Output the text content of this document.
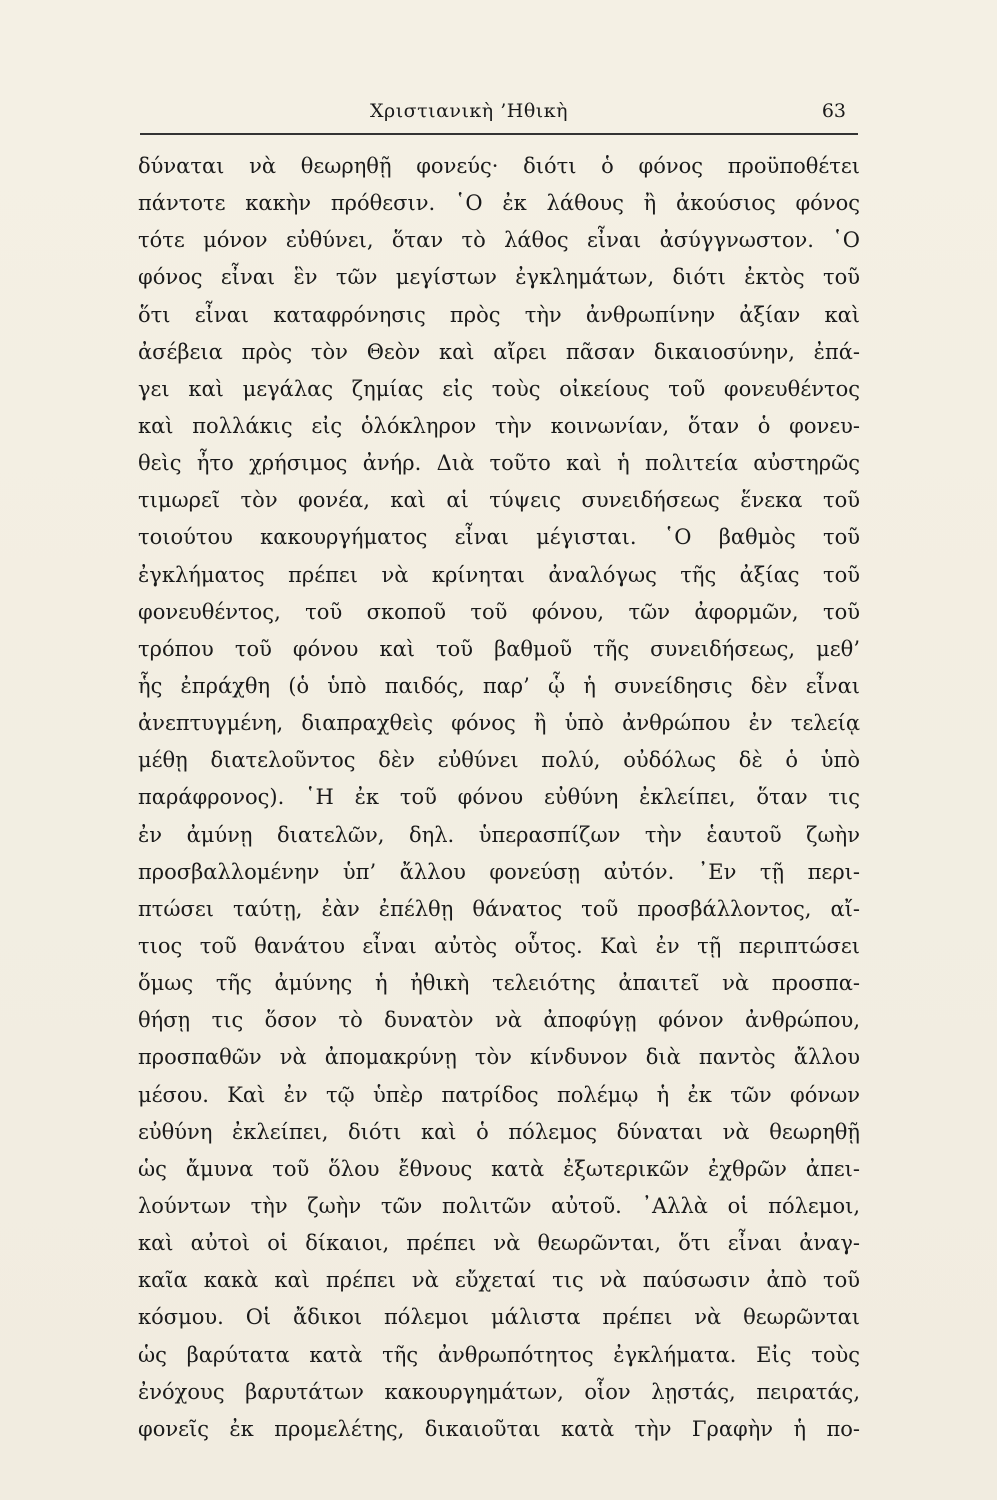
Χριστιανικὴ ’Ηθικὴ	63
δύναται νὰ θεωρηθῇ φονεύς· διότι ὁ φόνος προϋποθέτει
πάντοτε κακὴν πρόθεσιν. ῾Ο ἐκ λάθους ἢ ἀκούσιος φόνος
τότε μόνον εὐθύνει, ὅταν τὸ λάθος εἶναι ἀσύγγνωστον. ῾Ο
φόνος εἶναι ἓν τῶν μεγίστων ἐγκλημάτων, διότι ἐκτὸς τοῦ
ὅτι εἶναι καταφρόνησις πρὸς τὴν ἀνθρωπίνην ἀξίαν καὶ
ἀσέβεια πρὸς τὸν Θεὸν καὶ αἴρει πᾶσαν δικαιοσύνην, ἐπά-
γει καὶ μεγάλας ζημίας εἰς τοὺς οἰκείους τοῦ φονευθέντος
καὶ πολλάκις εἰς ὁλόκληρον τὴν κοινωνίαν, ὅταν ὁ φονευ-
θεὶς ἦτο χρήσιμος ἀνήρ. Διὰ τοῦτο καὶ ἡ πολιτεία αὐστηρῶς
τιμωρεῖ τὸν φονέα, καὶ αἱ τύψεις συνειδήσεως ἕνεκα τοῦ
τοιούτου κακουργήματος εἶναι μέγισται. ῾Ο βαθμὸς τοῦ
ἐγκλήματος πρέπει νὰ κρίνηται ἀναλόγως τῆς ἀξίας τοῦ
φονευθέντος, τοῦ σκοποῦ τοῦ φόνου, τῶν ἀφορμῶν, τοῦ
τρόπου τοῦ φόνου καὶ τοῦ βαθμοῦ τῆς συνειδήσεως, μεθ’
ἧς ἐπράχθη (ὁ ὑπὸ παιδός, παρ’ ᾧ ἡ συνείδησις δὲν εἶναι
ἀνεπτυγμένη, διαπραχθεὶς φόνος ἢ ὑπὸ ἀνθρώπου ἐν τελείᾳ
μέθῃ διατελοῦντος δὲν εὐθύνει πολύ, οὐδόλως δὲ ὁ ὑπὸ
παράφρονος). ῾Η ἐκ τοῦ φόνου εὐθύνη ἐκλείπει, ὅταν τις
ἐν ἀμύνῃ διατελῶν, δηλ. ὑπερασπίζων τὴν ἑαυτοῦ ζωὴν
προσβαλλομένην ὑπ’ ἄλλου φονεύσῃ αὐτόν. ᾿Εν τῇ περι-
πτώσει ταύτῃ, ἐὰν ἐπέλθῃ θάνατος τοῦ προσβάλλοντος, αἴ-
τιος τοῦ θανάτου εἶναι αὐτὸς οὗτος. Καὶ ἐν τῇ περιπτώσει
ὅμως τῆς ἀμύνης ἡ ἠθικὴ τελειότης ἀπαιτεῖ νὰ προσπα-
θήσῃ τις ὅσον τὸ δυνατὸν νὰ ἀποφύγῃ φόνον ἀνθρώπου,
προσπαθῶν νὰ ἀπομακρύνῃ τὸν κίνδυνον διὰ παντὸς ἄλλου
μέσου. Καὶ ἐν τῷ ὑπὲρ πατρίδος πολέμῳ ἡ ἐκ τῶν φόνων
εὐθύνη ἐκλείπει, διότι καὶ ὁ πόλεμος δύναται νὰ θεωρηθῇ
ὡς ἄμυνα τοῦ ὅλου ἔθνους κατὰ ἐξωτερικῶν ἐχθρῶν ἀπει-
λούντων τὴν ζωὴν τῶν πολιτῶν αὐτοῦ. ᾿Αλλὰ οἱ πόλεμοι,
καὶ αὐτοὶ οἱ δίκαιοι, πρέπει νὰ θεωρῶνται, ὅτι εἶναι ἀναγ-
καῖα κακὰ καὶ πρέπει νὰ εὔχεταί τις νὰ παύσωσιν ἀπὸ τοῦ
κόσμου. Οἱ ἄδικοι πόλεμοι μάλιστα πρέπει νὰ θεωρῶνται
ὡς βαρύτατα κατὰ τῆς ἀνθρωπότητος ἐγκλήματα. Εἰς τοὺς
ἐνόχους βαρυτάτων κακουργημάτων, οἷον λῃστάς, πειρατάς,
φονεῖς ἐκ προμελέτης, δικαιοῦται κατὰ τὴν Γραφὴν ἡ πο-
